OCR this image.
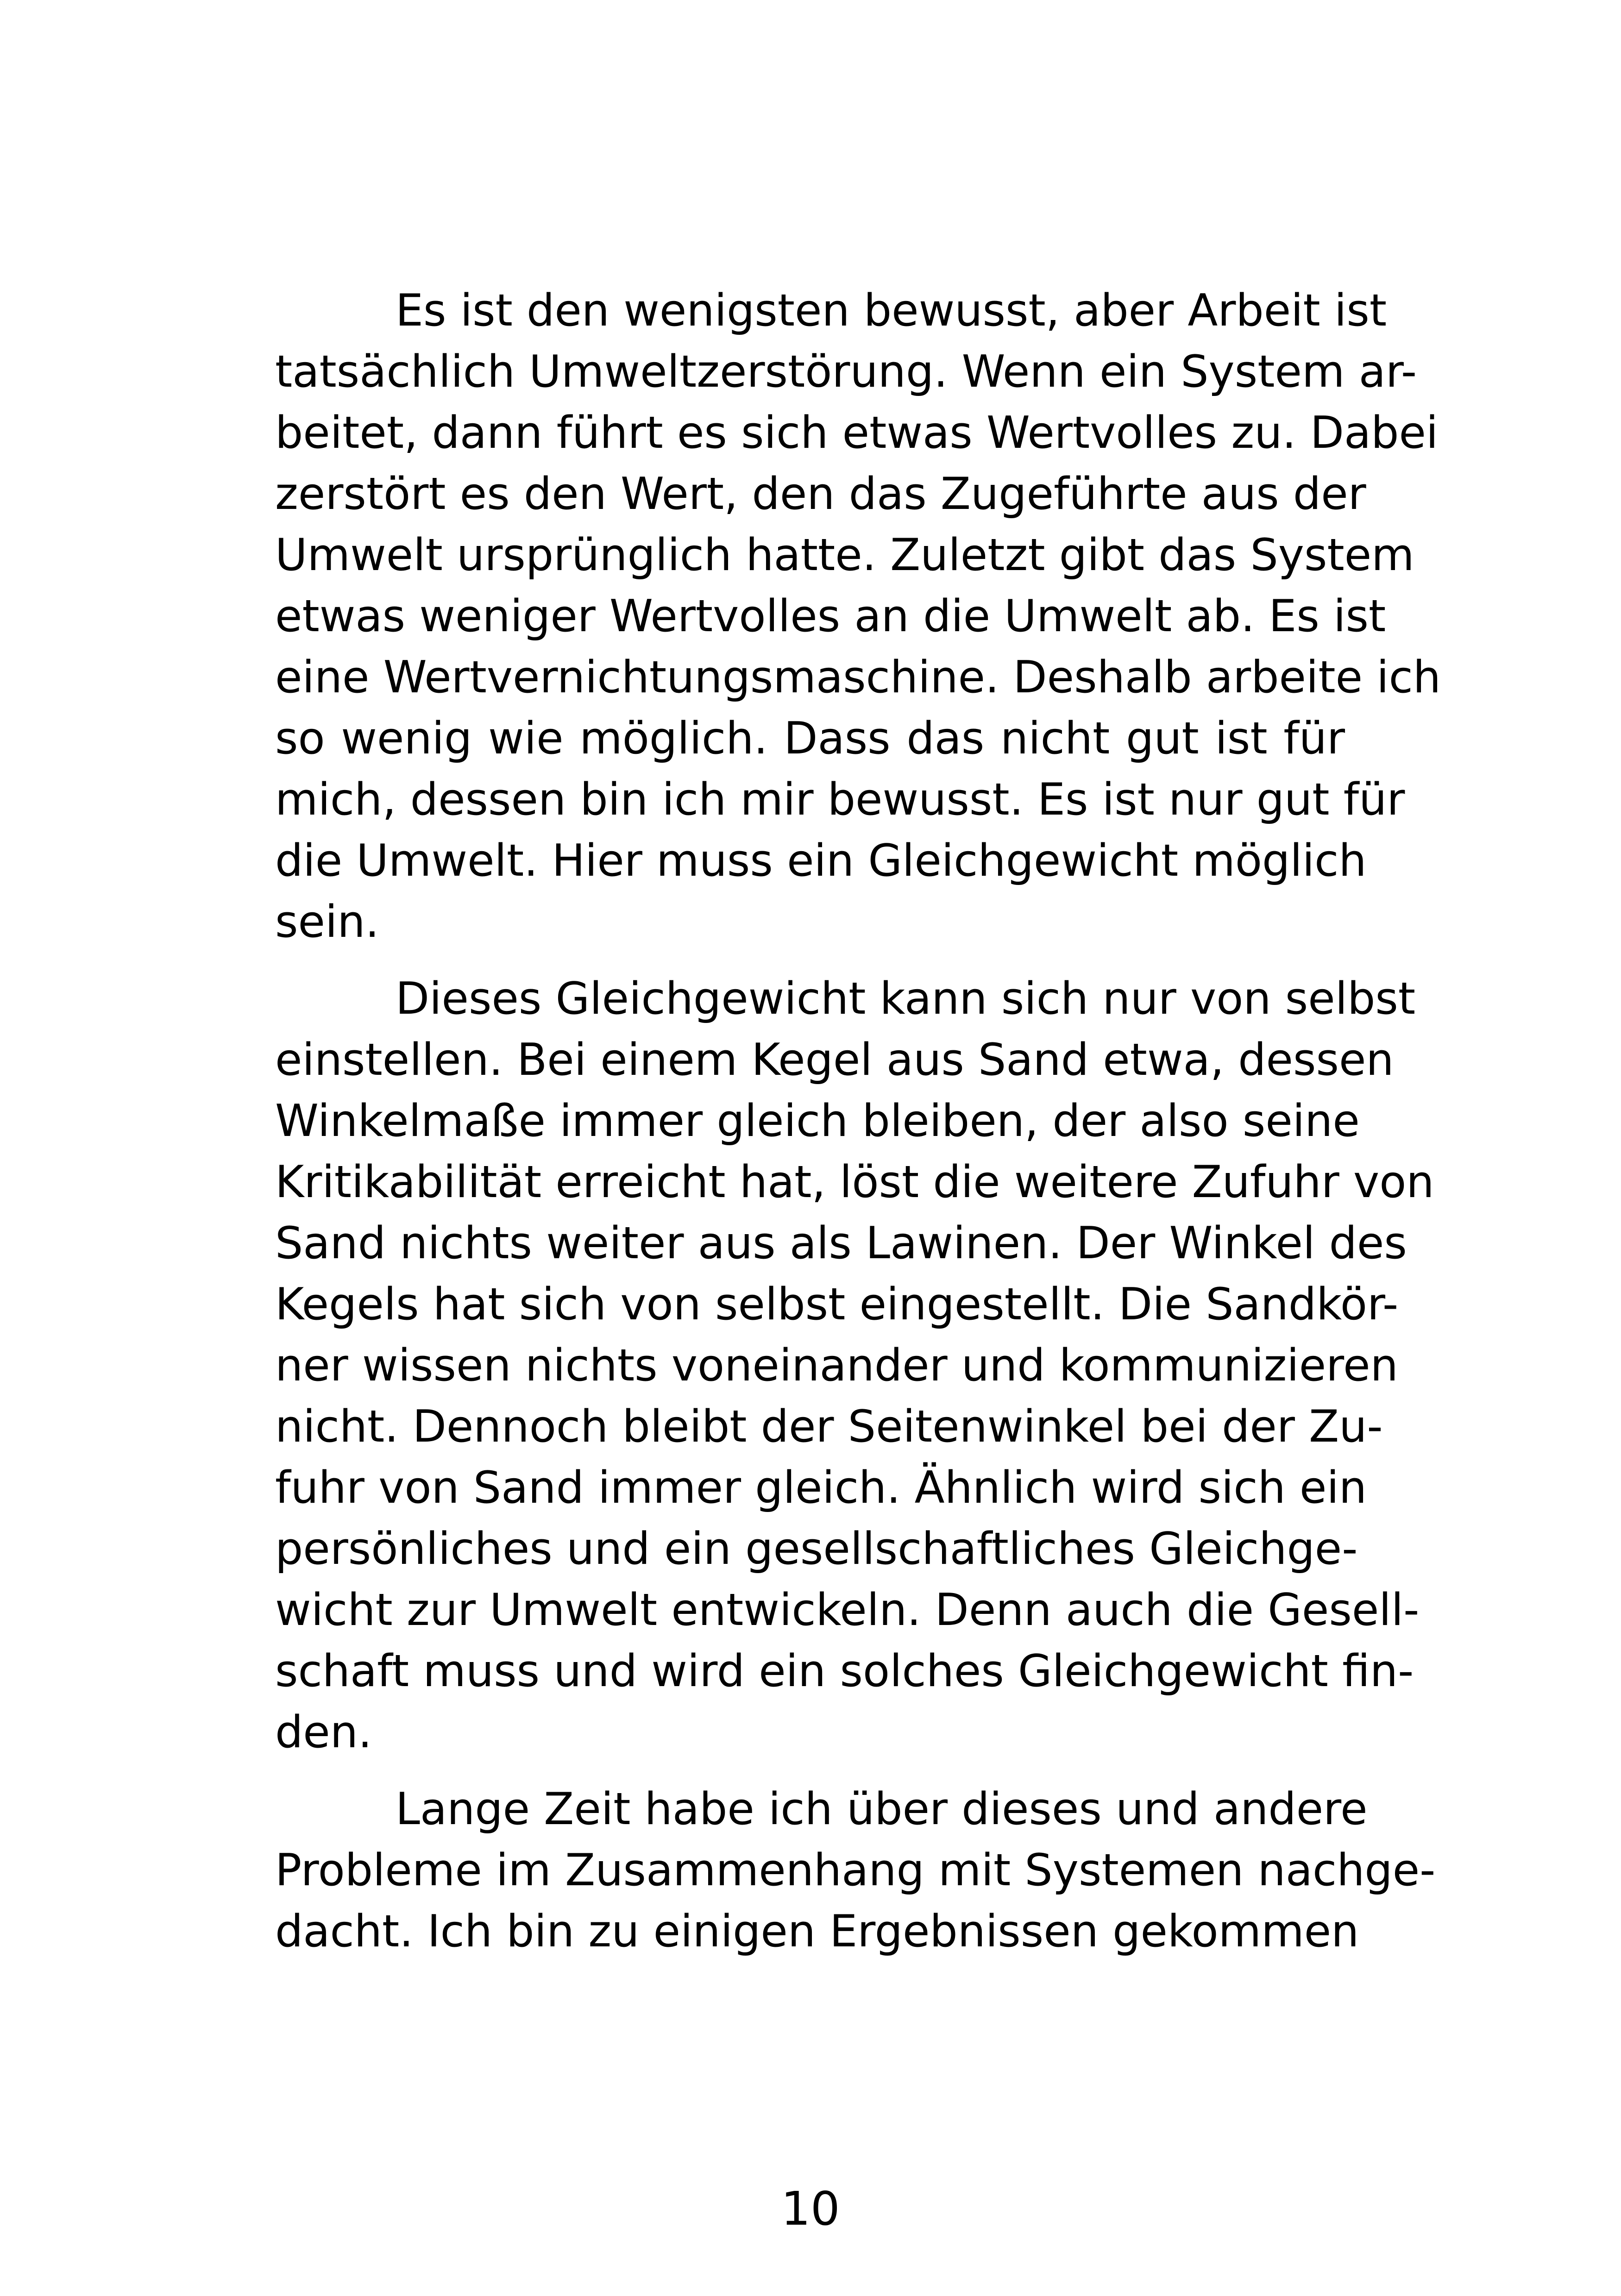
Es ist den wenigsten bewusst, aber Arbeit ist
tatsächlich Umweltzerstörung. Wenn ein System ar-
beitet, dann führt es sich etwas Wertvolles zu. Dabei
zerstört es den Wert, den das Zugeführte aus der
Umwelt ursprünglich hatte. Zuletzt gibt das System
etwas weniger Wertvolles an die Umwelt ab. Es ist
eine Wertvernichtungsmaschine. Deshalb arbeite ich
so wenig wie möglich. Dass das nicht gut ist für
mich, dessen bin ich mir bewusst. Es ist nur gut für
die Umwelt. Hier muss ein Gleichgewicht möglich
sein.
Dieses Gleichgewicht kann sich nur von selbst
einstellen. Bei einem Kegel aus Sand etwa, dessen
Winkelmaße immer gleich bleiben, der also seine
Kritikabilität erreicht hat, löst die weitere Zufuhr von
Sand nichts weiter aus als Lawinen. Der Winkel des
Kegels hat sich von selbst eingestellt. Die Sandkör-
ner wissen nichts voneinander und kommunizieren
nicht. Dennoch bleibt der Seitenwinkel bei der Zu-
fuhr von Sand immer gleich. Ähnlich wird sich ein
persönliches und ein gesellschaftliches Gleichge-
wicht zur Umwelt entwickeln. Denn auch die Gesell-
schaft muss und wird ein solches Gleichgewicht fin-
den.
Lange Zeit habe ich über dieses und andere
Probleme im Zusammenhang mit Systemen nachge-
dacht. Ich bin zu einigen Ergebnissen gekommen
10
